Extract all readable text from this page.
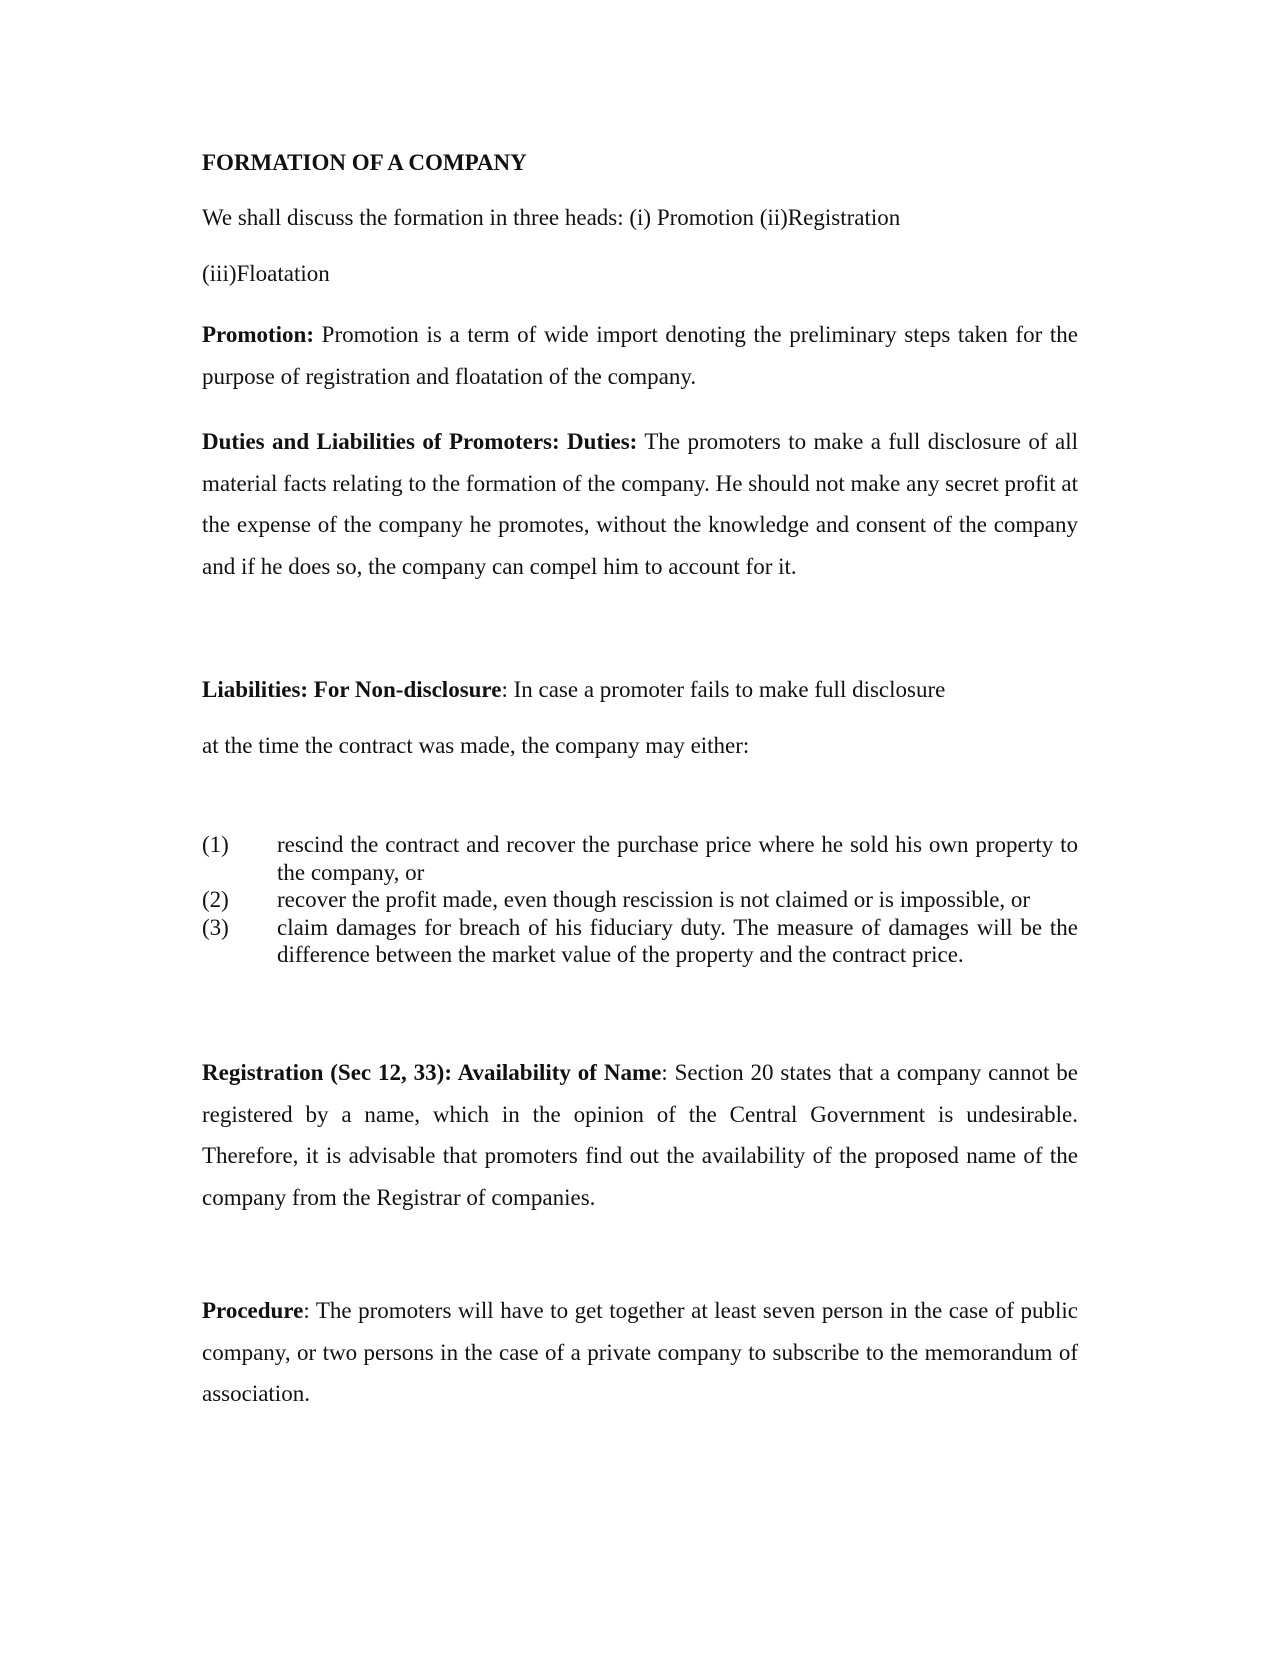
FORMATION OF A COMPANY

We shall discuss the formation in three heads: (i) Promotion (ii)Registration

(iii)Floatation

Promotion: Promotion is a term of wide import denoting the preliminary steps taken for the purpose of registration and floatation of the company.

Duties and Liabilities of Promoters: Duties: The promoters to make a full disclosure of all material facts relating to the formation of the company. He should not make any secret profit at the expense of the company he promotes, without the knowledge and consent of the company and if he does so, the company can compel him to account for it.

Liabilities: For Non-disclosure: In case a promoter fails to make full disclosure

at the time the contract was made, the company may either:

(1)	rescind the contract and recover the purchase price where he sold his own property to the company, or
(2)	recover the profit made, even though rescission is not claimed or is impossible, or
(3)	claim damages for breach of his fiduciary duty. The measure of damages will be the difference between the market value of the property and the contract price.

Registration (Sec 12, 33): Availability of Name: Section 20 states that a company cannot be registered by a name, which in the opinion of the Central Government is undesirable. Therefore, it is advisable that promoters find out the availability of the proposed name of the company from the Registrar of companies.

Procedure: The promoters will have to get together at least seven person in the case of public company, or two persons in the case of a private company to subscribe to the memorandum of association.
